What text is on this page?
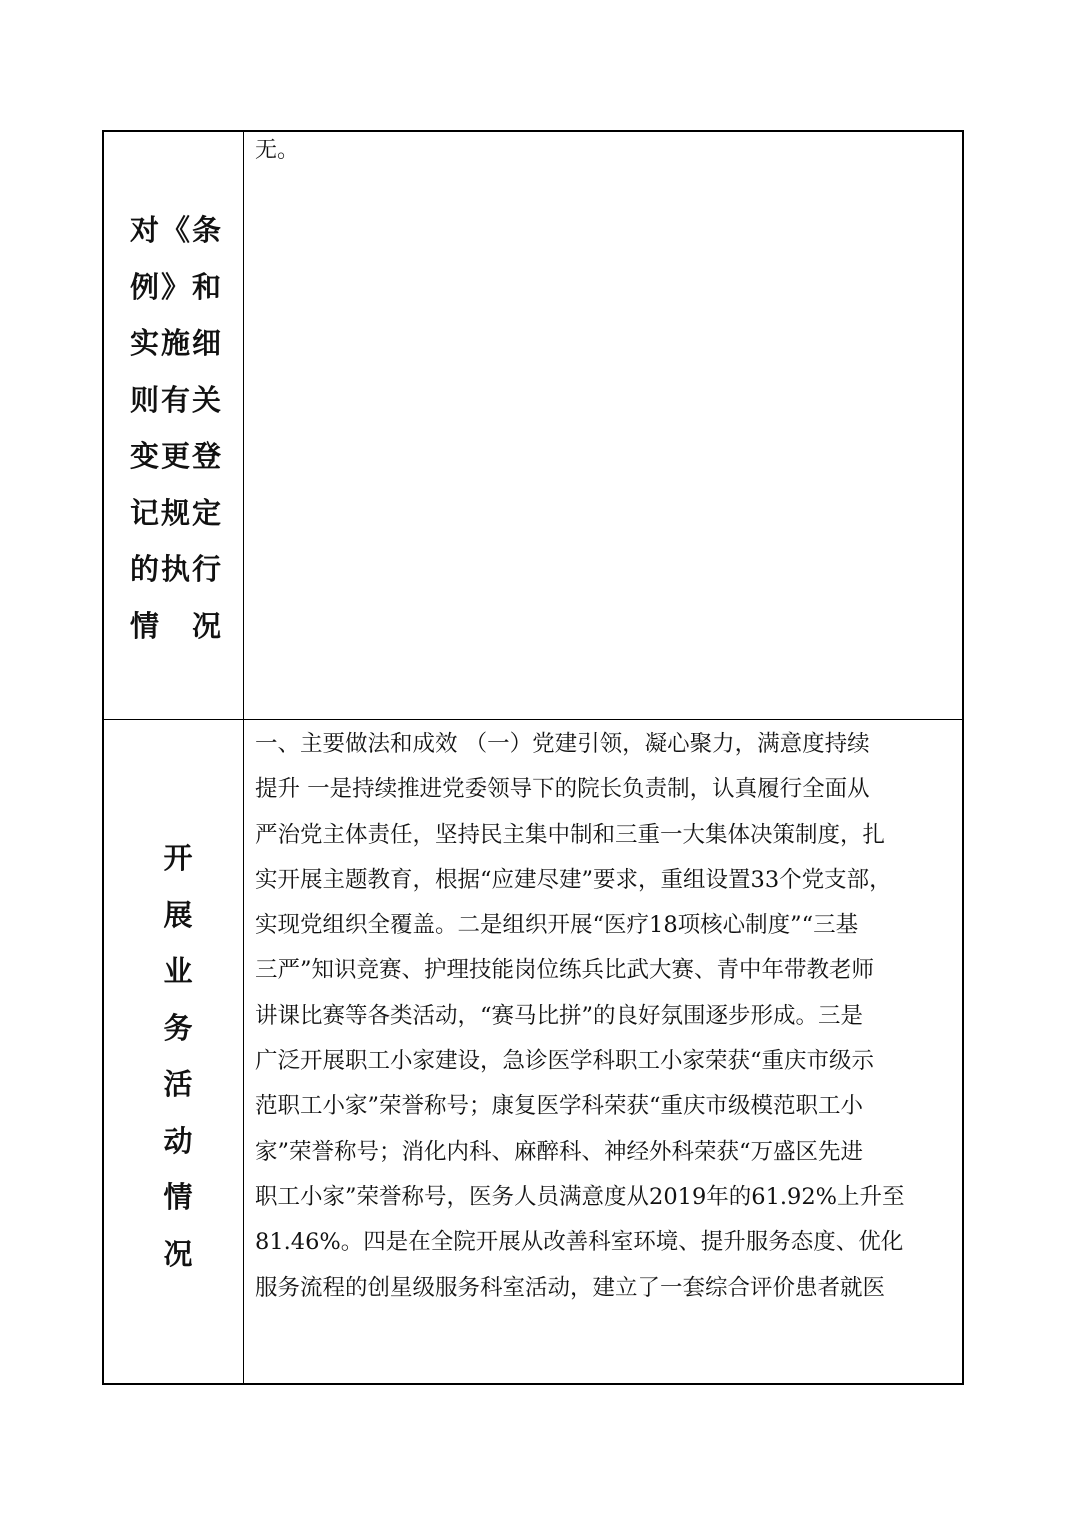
对《条
例》和
实施细
则有关
变更登
记规定
的执行
情　况
无。
开
展
业
务
活
动
情
况
一、主要做法和成效 （一）党建引领，凝心聚力，满意度持续
提升 一是持续推进党委领导下的院长负责制，认真履行全面从
严治党主体责任，坚持民主集中制和三重一大集体决策制度，扎
实开展主题教育，根据“应建尽建”要求，重组设置33个党支部，
实现党组织全覆盖。二是组织开展“医疗18项核心制度”“三基
三严”知识竞赛、护理技能岗位练兵比武大赛、青中年带教老师
讲课比赛等各类活动，“赛马比拼”的良好氛围逐步形成。三是
广泛开展职工小家建设，急诊医学科职工小家荣获“重庆市级示
范职工小家”荣誉称号；康复医学科荣获“重庆市级模范职工小
家”荣誉称号；消化内科、麻醉科、神经外科荣获“万盛区先进
职工小家”荣誉称号，医务人员满意度从2019年的61.92%上升至
81.46%。四是在全院开展从改善科室环境、提升服务态度、优化
服务流程的创星级服务科室活动，建立了一套综合评价患者就医
